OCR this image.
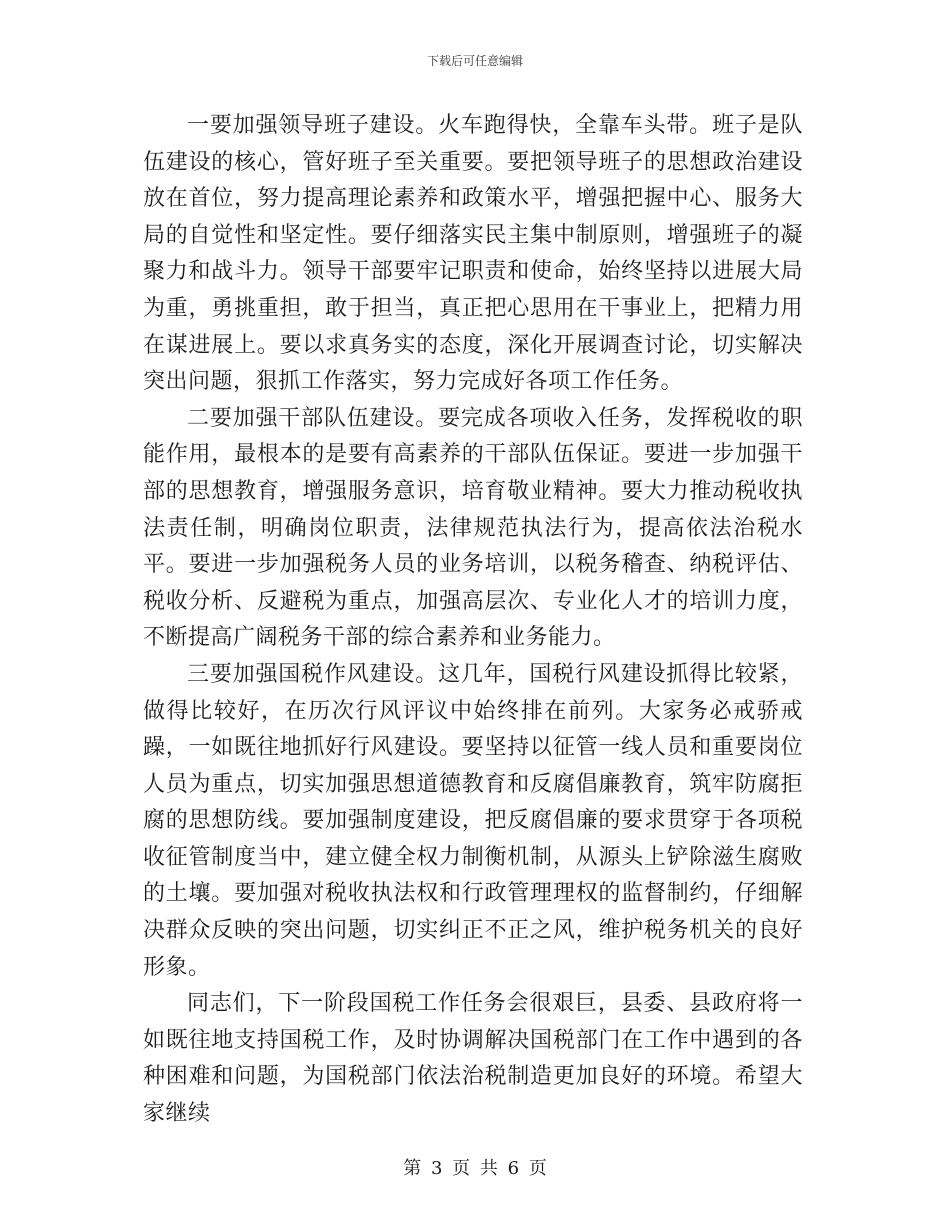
下载后可任意编辑

一要加强领导班子建设。火车跑得快，全靠车头带。班子是队伍建设的核心，管好班子至关重要。要把领导班子的思想政治建设放在首位，努力提高理论素养和政策水平，增强把握中心、服务大局的自觉性和坚定性。要仔细落实民主集中制原则，增强班子的凝聚力和战斗力。领导干部要牢记职责和使命，始终坚持以进展大局为重，勇挑重担，敢于担当，真正把心思用在干事业上，把精力用在谋进展上。要以求真务实的态度，深化开展调查讨论，切实解决突出问题，狠抓工作落实，努力完成好各项工作任务。

二要加强干部队伍建设。要完成各项收入任务，发挥税收的职能作用，最根本的是要有高素养的干部队伍保证。要进一步加强干部的思想教育，增强服务意识，培育敬业精神。要大力推动税收执法责任制，明确岗位职责，法律规范执法行为，提高依法治税水平。要进一步加强税务人员的业务培训，以税务稽查、纳税评估、税收分析、反避税为重点，加强高层次、专业化人才的培训力度，不断提高广阔税务干部的综合素养和业务能力。

三要加强国税作风建设。这几年，国税行风建设抓得比较紧，做得比较好，在历次行风评议中始终排在前列。大家务必戒骄戒躁，一如既往地抓好行风建设。要坚持以征管一线人员和重要岗位人员为重点，切实加强思想道德教育和反腐倡廉教育，筑牢防腐拒腐的思想防线。要加强制度建设，把反腐倡廉的要求贯穿于各项税收征管制度当中，建立健全权力制衡机制，从源头上铲除滋生腐败的土壤。要加强对税收执法权和行政管理理权的监督制约，仔细解决群众反映的突出问题，切实纠正不正之风，维护税务机关的良好形象。

同志们，下一阶段国税工作任务会很艰巨，县委、县政府将一如既往地支持国税工作，及时协调解决国税部门在工作中遇到的各种困难和问题，为国税部门依法治税制造更加良好的环境。希望大家继续

第 3 页 共 6 页
